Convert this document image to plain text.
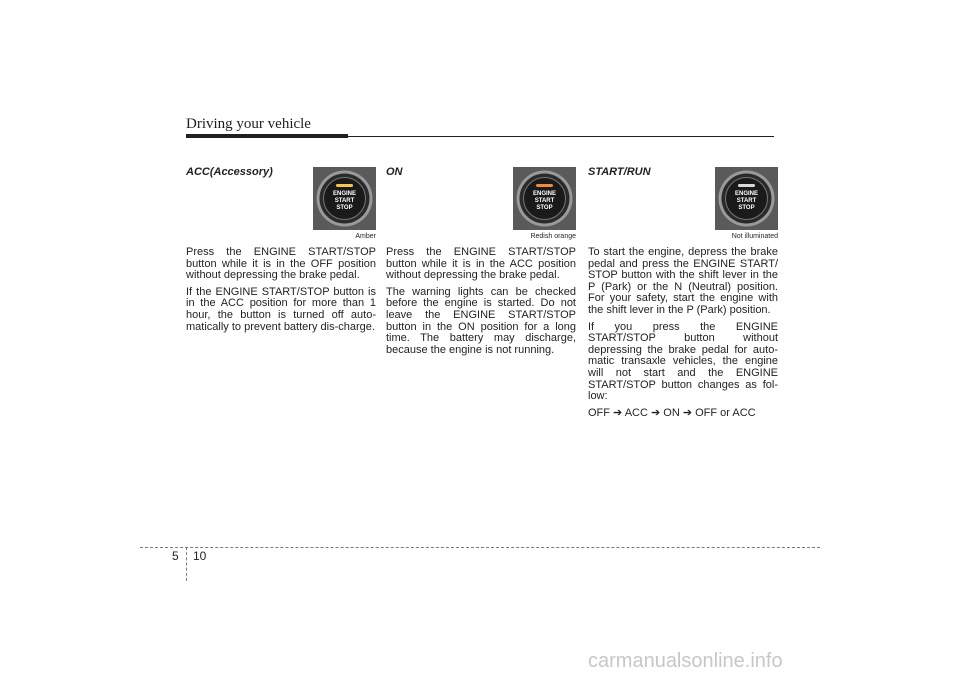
Driving your vehicle
ACC(Accessory)
ENGINE
START
STOP
Amber

Press the ENGINE START/STOP button while it is in the OFF position without depressing the brake pedal.

If the ENGINE START/STOP button is in the ACC position for more than 1 hour, the button is turned off auto-matically to prevent battery dis-charge.

ON
ENGINE
START
STOP
Redish orange

Press the ENGINE START/STOP button while it is in the ACC position without depressing the brake pedal.

The warning lights can be checked before the engine is started. Do not leave the ENGINE START/STOP button in the ON position for a long time. The battery may discharge, because the engine is not running.

START/RUN
ENGINE
START
STOP
Not illuminated

To start the engine, depress the brake pedal and press the ENGINE START/ STOP button with the shift lever in the P (Park) or the N (Neutral) position. For your safety, start the engine with the shift lever in the P (Park) position.

If you press the ENGINE START/STOP button without depressing the brake pedal for auto-matic transaxle vehicles, the engine will not start and the ENGINE START/STOP button changes as fol-low:

OFF ➔ ACC ➔ ON ➔ OFF or ACC

5 10
carmanualsonline.info
